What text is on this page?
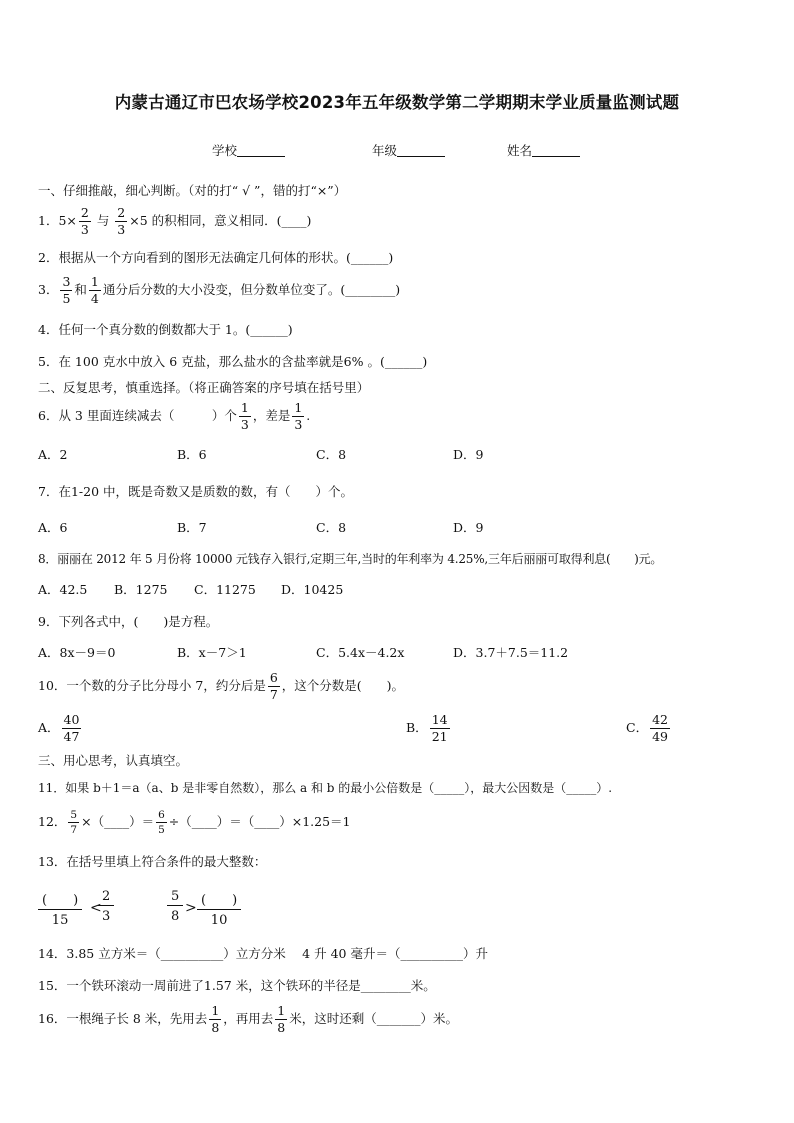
内蒙古通辽市巴农场学校2023年五年级数学第二学期期末学业质量监测试题
学校	年级	姓名
一、仔细推敲，细心判断。（对的打“ √ ”，错的打“×”）
1．$5\times \frac{2}{3}$ 与 $\frac{2}{3} \times 5$ 的积相同，意义相同．(____)
2．根据从一个方向看到的图形无法确定几何体的形状。(______)
3． $\frac{3}{5}$ 和 $\frac{1}{4}$ 通分后分数的大小没变，但分数单位变了。(________)
4．任何一个真分数的倒数都大于 1。(______)
5．在 100 克水中放入 6 克盐，那么盐水的含盐率就是6% 。(______)
二、反复思考，慎重选择。（将正确答案的序号填在括号里）
6．从 3 里面连续减去（　　　）个 $\frac{1}{3}$ ，差是 $\frac{1}{3}$ .
A．2	B．6	C．8	D．9
7．在1-20 中，既是奇数又是质数的数，有（　　）个。
A．6	B．7	C．8	D．9
8．丽丽在 2012 年 5 月份将 10000 元钱存入银行,定期三年,当时的年利率为 4.25%,三年后丽丽可取得利息(　　)元。
A．42.5 B．1275 C．11275 D．10425
9．下列各式中，(　　)是方程。
A．8x－9＝0	B．x－7＞1	C．5.4x－4.2x	D．3.7＋7.5＝11.2
10．一个数的分子比分母小 7，约分后是 $\frac{6}{7}$ ，这个分数是(　　)。
A． $\frac{40}{47}$	B． $\frac{14}{21}$	C． $\frac{42}{49}$
三、用心思考，认真填空。
11．如果 b＋1＝a（a、b 是非零自然数），那么 a 和 b 的最小公倍数是（_____），最大公因数是（_____）.
12． $\frac{5}{7}$ ×（____）＝ $\frac{6}{5}$ ÷（____）＝（____）×1.25＝1
13．在括号里填上符合条件的最大整数：
(　　)
15
<
2
3
5
8
> (　　)
10
14．3.85 立方米＝（__________）立方分米　 4 升 40 毫升＝（__________）升
15．一个铁环滚动一周前进了1.57 米，这个铁环的半径是________米。
16．一根绳子长 8 米，先用去 $\frac{1}{8}$ ，再用去 $\frac{1}{8}$ 米，这时还剩（_______）米。
